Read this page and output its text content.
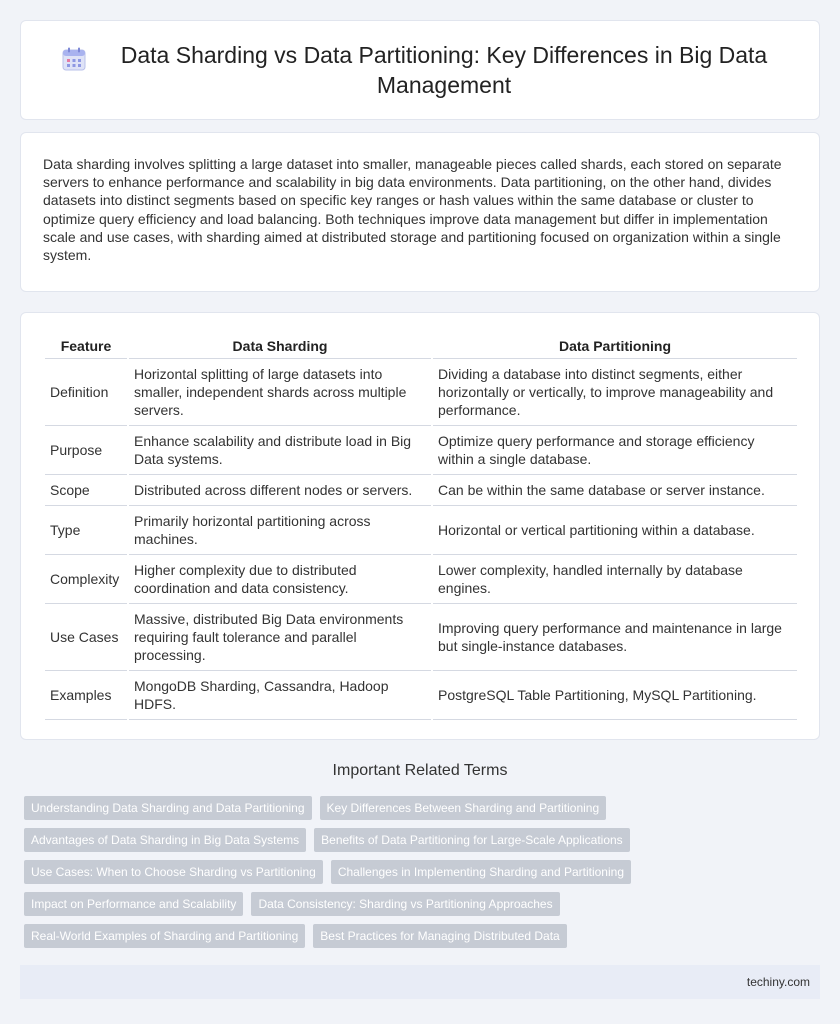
Data Sharding vs Data Partitioning: Key Differences in Big Data Management

Data sharding involves splitting a large dataset into smaller, manageable pieces called shards, each stored on separate servers to enhance performance and scalability in big data environments. Data partitioning, on the other hand, divides datasets into distinct segments based on specific key ranges or hash values within the same database or cluster to optimize query efficiency and load balancing. Both techniques improve data management but differ in implementation scale and use cases, with sharding aimed at distributed storage and partitioning focused on organization within a single system.

Feature	Data Sharding	Data Partitioning
Definition	Horizontal splitting of large datasets into smaller, independent shards across multiple servers.	Dividing a database into distinct segments, either horizontally or vertically, to improve manageability and performance.
Purpose	Enhance scalability and distribute load in Big Data systems.	Optimize query performance and storage efficiency within a single database.
Scope	Distributed across different nodes or servers.	Can be within the same database or server instance.
Type	Primarily horizontal partitioning across machines.	Horizontal or vertical partitioning within a database.
Complexity	Higher complexity due to distributed coordination and data consistency.	Lower complexity, handled internally by database engines.
Use Cases	Massive, distributed Big Data environments requiring fault tolerance and parallel processing.	Improving query performance and maintenance in large but single-instance databases.
Examples	MongoDB Sharding, Cassandra, Hadoop HDFS.	PostgreSQL Table Partitioning, MySQL Partitioning.
Important Related Terms
Understanding Data Sharding and Data Partitioning	Key Differences Between Sharding and Partitioning
Advantages of Data Sharding in Big Data Systems	Benefits of Data Partitioning for Large-Scale Applications
Use Cases: When to Choose Sharding vs Partitioning	Challenges in Implementing Sharding and Partitioning
Impact on Performance and Scalability	Data Consistency: Sharding vs Partitioning Approaches
Real-World Examples of Sharding and Partitioning	Best Practices for Managing Distributed Data
techiny.com
